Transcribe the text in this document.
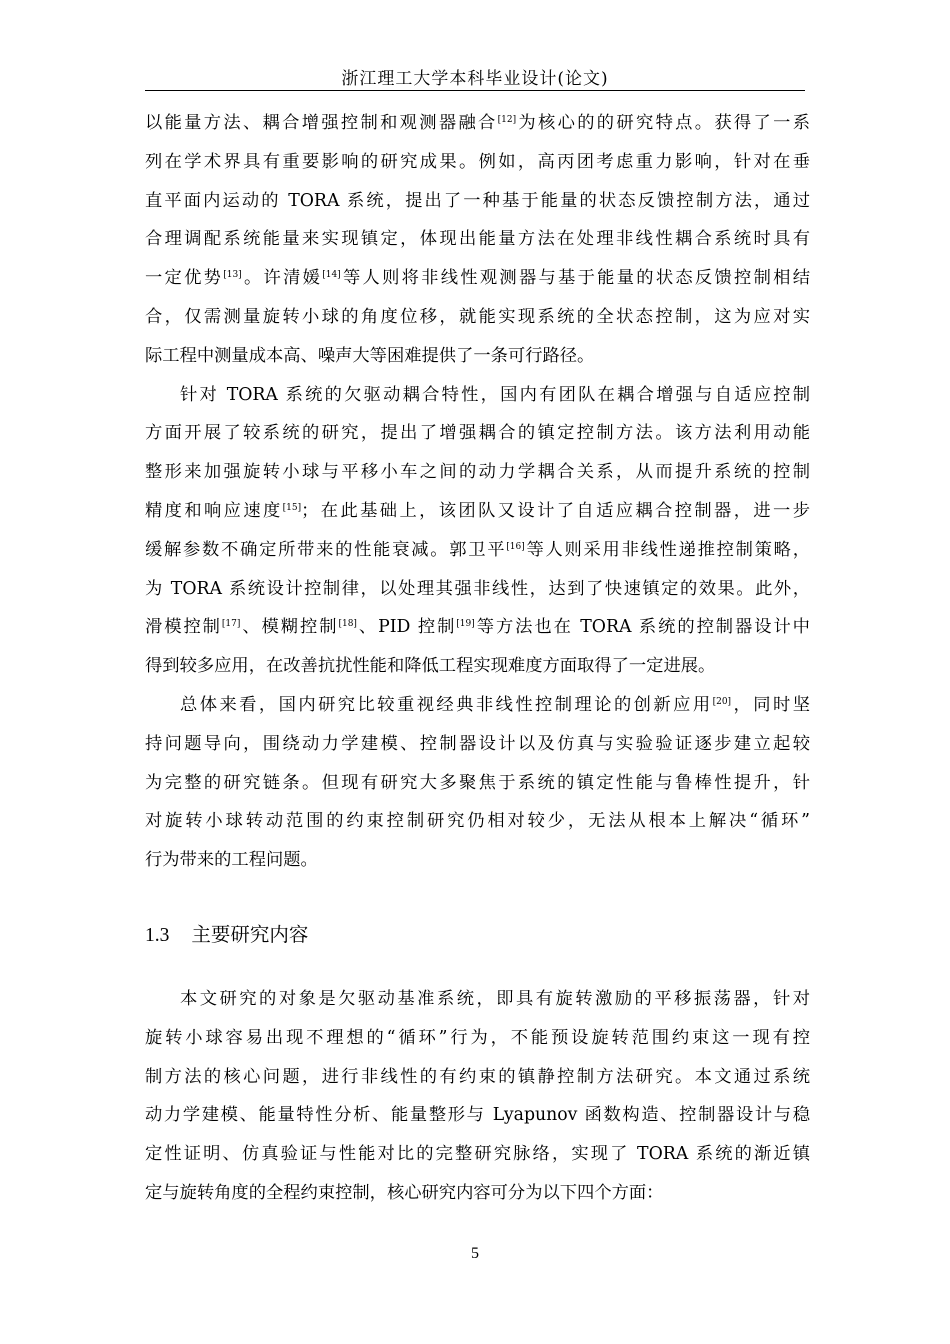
浙江理工大学本科毕业设计(论文)
以能量方法、耦合增强控制和观测器融合[12]为核心的的研究特点。获得了一系
列在学术界具有重要影响的研究成果。例如，高丙团考虑重力影响，针对在垂
直平面内运动的 TORA 系统，提出了一种基于能量的状态反馈控制方法，通过
合理调配系统能量来实现镇定，体现出能量方法在处理非线性耦合系统时具有
一定优势[13]。许清媛[14]等人则将非线性观测器与基于能量的状态反馈控制相结
合，仅需测量旋转小球的角度位移，就能实现系统的全状态控制，这为应对实
际工程中测量成本高、噪声大等困难提供了一条可行路径。
针对 TORA 系统的欠驱动耦合特性，国内有团队在耦合增强与自适应控制
方面开展了较系统的研究，提出了增强耦合的镇定控制方法。该方法利用动能
整形来加强旋转小球与平移小车之间的动力学耦合关系，从而提升系统的控制
精度和响应速度[15]；在此基础上，该团队又设计了自适应耦合控制器，进一步
缓解参数不确定所带来的性能衰减。郭卫平[16]等人则采用非线性递推控制策略，
为 TORA 系统设计控制律，以处理其强非线性，达到了快速镇定的效果。此外，
滑模控制[17]、模糊控制[18]、PID 控制[19]等方法也在 TORA 系统的控制器设计中
得到较多应用，在改善抗扰性能和降低工程实现难度方面取得了一定进展。
总体来看，国内研究比较重视经典非线性控制理论的创新应用[20]，同时坚
持问题导向，围绕动力学建模、控制器设计以及仿真与实验验证逐步建立起较
为完整的研究链条。但现有研究大多聚焦于系统的镇定性能与鲁棒性提升，针
对旋转小球转动范围的约束控制研究仍相对较少，无法从根本上解决“循环”
行为带来的工程问题。
1.3 主要研究内容
本文研究的对象是欠驱动基准系统，即具有旋转激励的平移振荡器，针对
旋转小球容易出现不理想的“循环”行为，不能预设旋转范围约束这一现有控
制方法的核心问题，进行非线性的有约束的镇静控制方法研究。本文通过系统
动力学建模、能量特性分析、能量整形与 Lyapunov 函数构造、控制器设计与稳
定性证明、仿真验证与性能对比的完整研究脉络，实现了 TORA 系统的渐近镇
定与旋转角度的全程约束控制，核心研究内容可分为以下四个方面：
5
